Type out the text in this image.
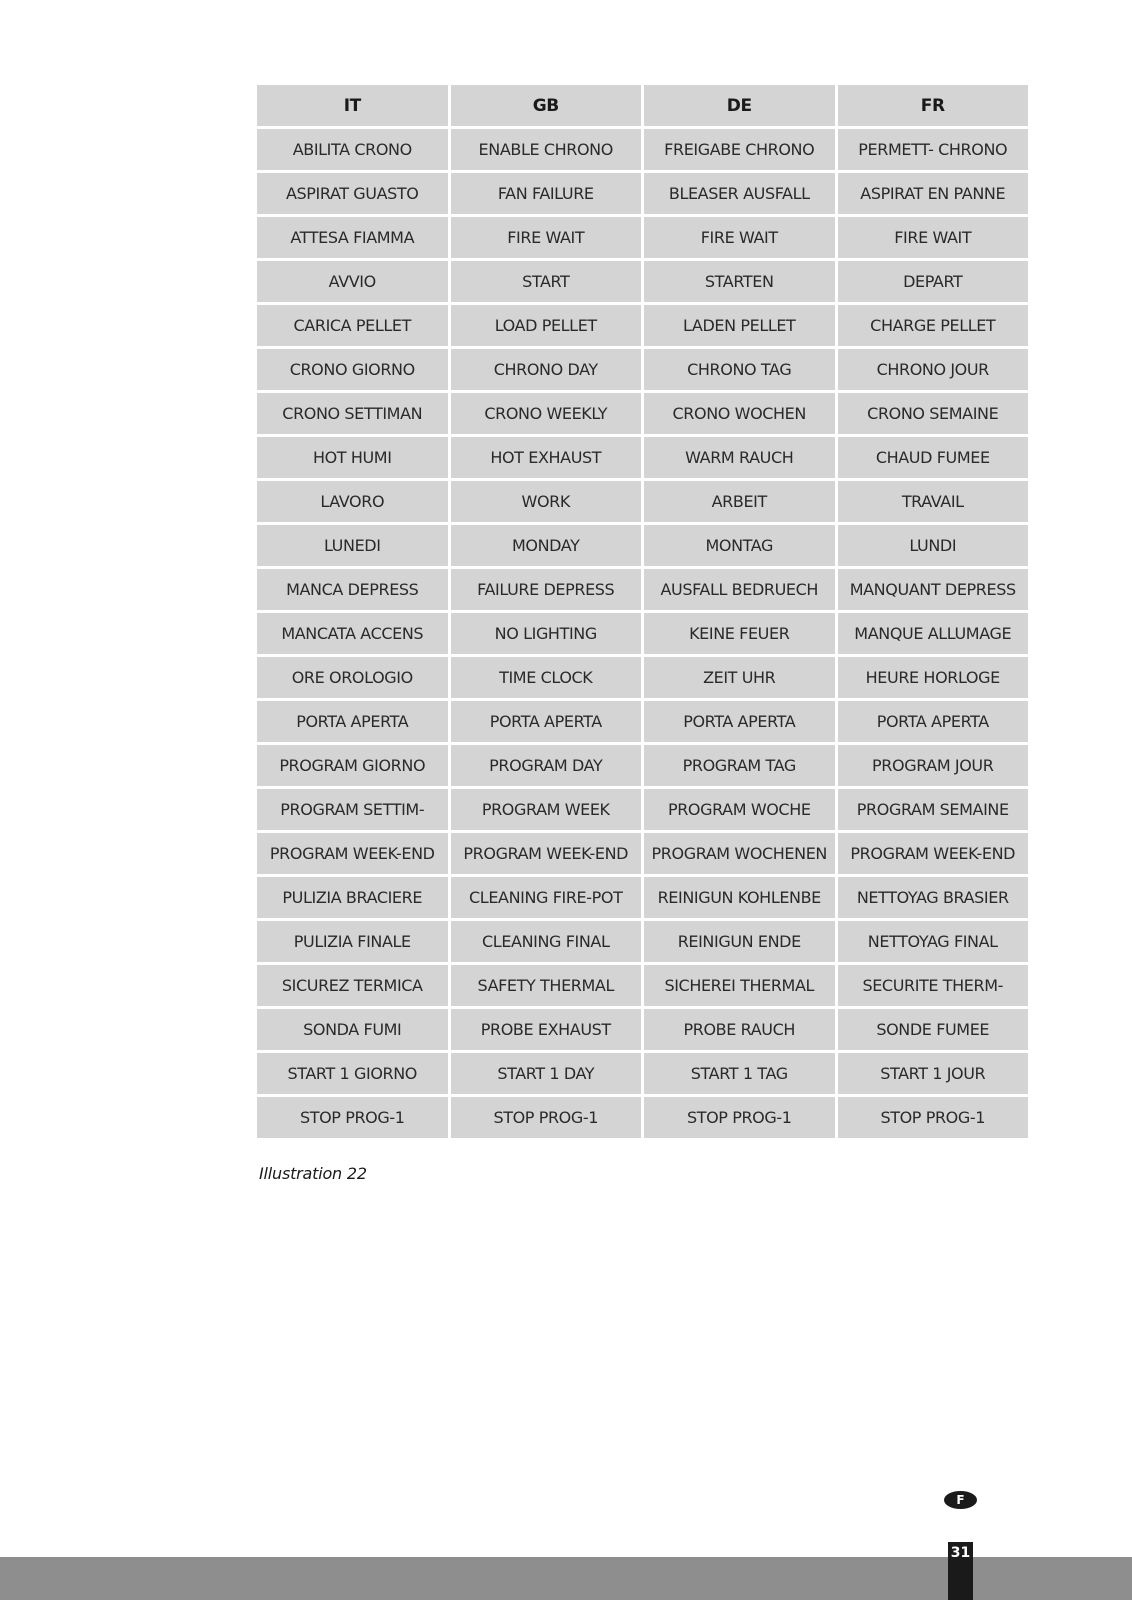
IT	GB	DE	FR
ABILITA CRONO	ENABLE CHRONO	FREIGABE CHRONO	PERMETT- CHRONO
ASPIRAT GUASTO	FAN FAILURE	BLEASER AUSFALL	ASPIRAT EN PANNE
ATTESA FIAMMA	FIRE WAIT	FIRE WAIT	FIRE WAIT
AVVIO	START	STARTEN	DEPART
CARICA PELLET	LOAD PELLET	LADEN PELLET	CHARGE PELLET
CRONO GIORNO	CHRONO DAY	CHRONO TAG	CHRONO JOUR
CRONO SETTIMAN	CRONO WEEKLY	CRONO WOCHEN	CRONO SEMAINE
HOT HUMI	HOT EXHAUST	WARM RAUCH	CHAUD FUMEE
LAVORO	WORK	ARBEIT	TRAVAIL
LUNEDI	MONDAY	MONTAG	LUNDI
MANCA DEPRESS	FAILURE DEPRESS	AUSFALL BEDRUECH	MANQUANT DEPRESS
MANCATA ACCENS	NO LIGHTING	KEINE FEUER	MANQUE ALLUMAGE
ORE OROLOGIO	TIME CLOCK	ZEIT UHR	HEURE HORLOGE
PORTA APERTA	PORTA APERTA	PORTA APERTA	PORTA APERTA
PROGRAM GIORNO	PROGRAM DAY	PROGRAM TAG	PROGRAM JOUR
PROGRAM SETTIM-	PROGRAM WEEK	PROGRAM WOCHE	PROGRAM SEMAINE
PROGRAM WEEK-END	PROGRAM WEEK-END	PROGRAM WOCHENEN	PROGRAM WEEK-END
PULIZIA BRACIERE	CLEANING FIRE-POT	REINIGUN KOHLENBE	NETTOYAG BRASIER
PULIZIA FINALE	CLEANING FINAL	REINIGUN ENDE	NETTOYAG FINAL
SICUREZ TERMICA	SAFETY THERMAL	SICHEREI THERMAL	SECURITE THERM-
SONDA FUMI	PROBE EXHAUST	PROBE RAUCH	SONDE FUMEE
START 1 GIORNO	START 1 DAY	START 1 TAG	START 1 JOUR
STOP PROG-1	STOP PROG-1	STOP PROG-1	STOP PROG-1
Illustration 22
F
31
